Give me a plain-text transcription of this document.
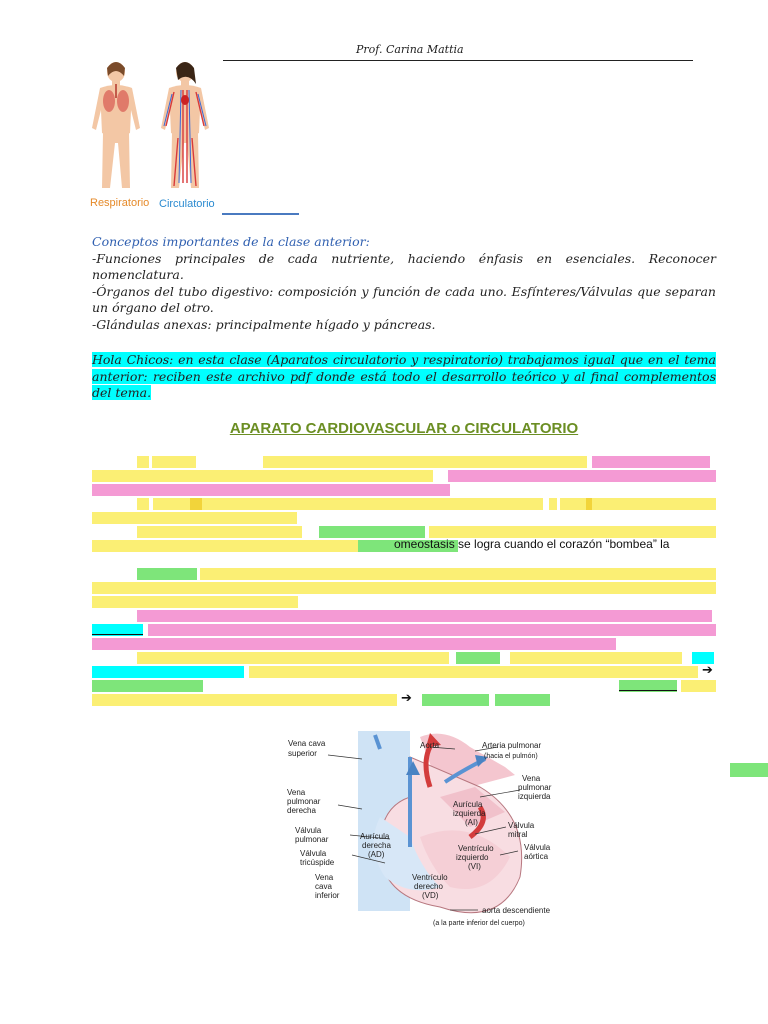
Prof. Carina Mattia
Respiratorio Circulatorio
Conceptos importantes de la clase anterior:
-Funciones principales de cada nutriente, haciendo énfasis en esenciales. Reconocer nomenclatura.
-Órganos del tubo digestivo: composición y función de cada uno. Esfínteres/Válvulas que separan un órgano del otro.
-Glándulas anexas: principalmente hígado y páncreas.
Hola Chicos: en esta clase (Aparatos circulatorio y respiratorio) trabajamos igual que en el tema anterior: reciben este archivo pdf donde está todo el desarrollo teórico y al final complementos del tema.
APARATO CARDIOVASCULAR o CIRCULATORIO
➔
➔
omeostasis se logra cuando el corazón “bombea” la
Vena cava
superior
Aorta	Arteria pulmonar
(hacia el pulmón)
Vena
pulmonar
izquierda
Vena
pulmonar
derecha
Aurícula
izquierda
(AI)
Válvula
pulmonar	Aurícula
derecha
(AD)
Válvula
mitral
Válvula
tricúspide
Ventrículo
izquierdo
(VI)
Válvula
aórtica
Vena
cava
inferior
Ventrículo
derecho
(VD)
aorta descendiente
(a la parte inferior del cuerpo)
